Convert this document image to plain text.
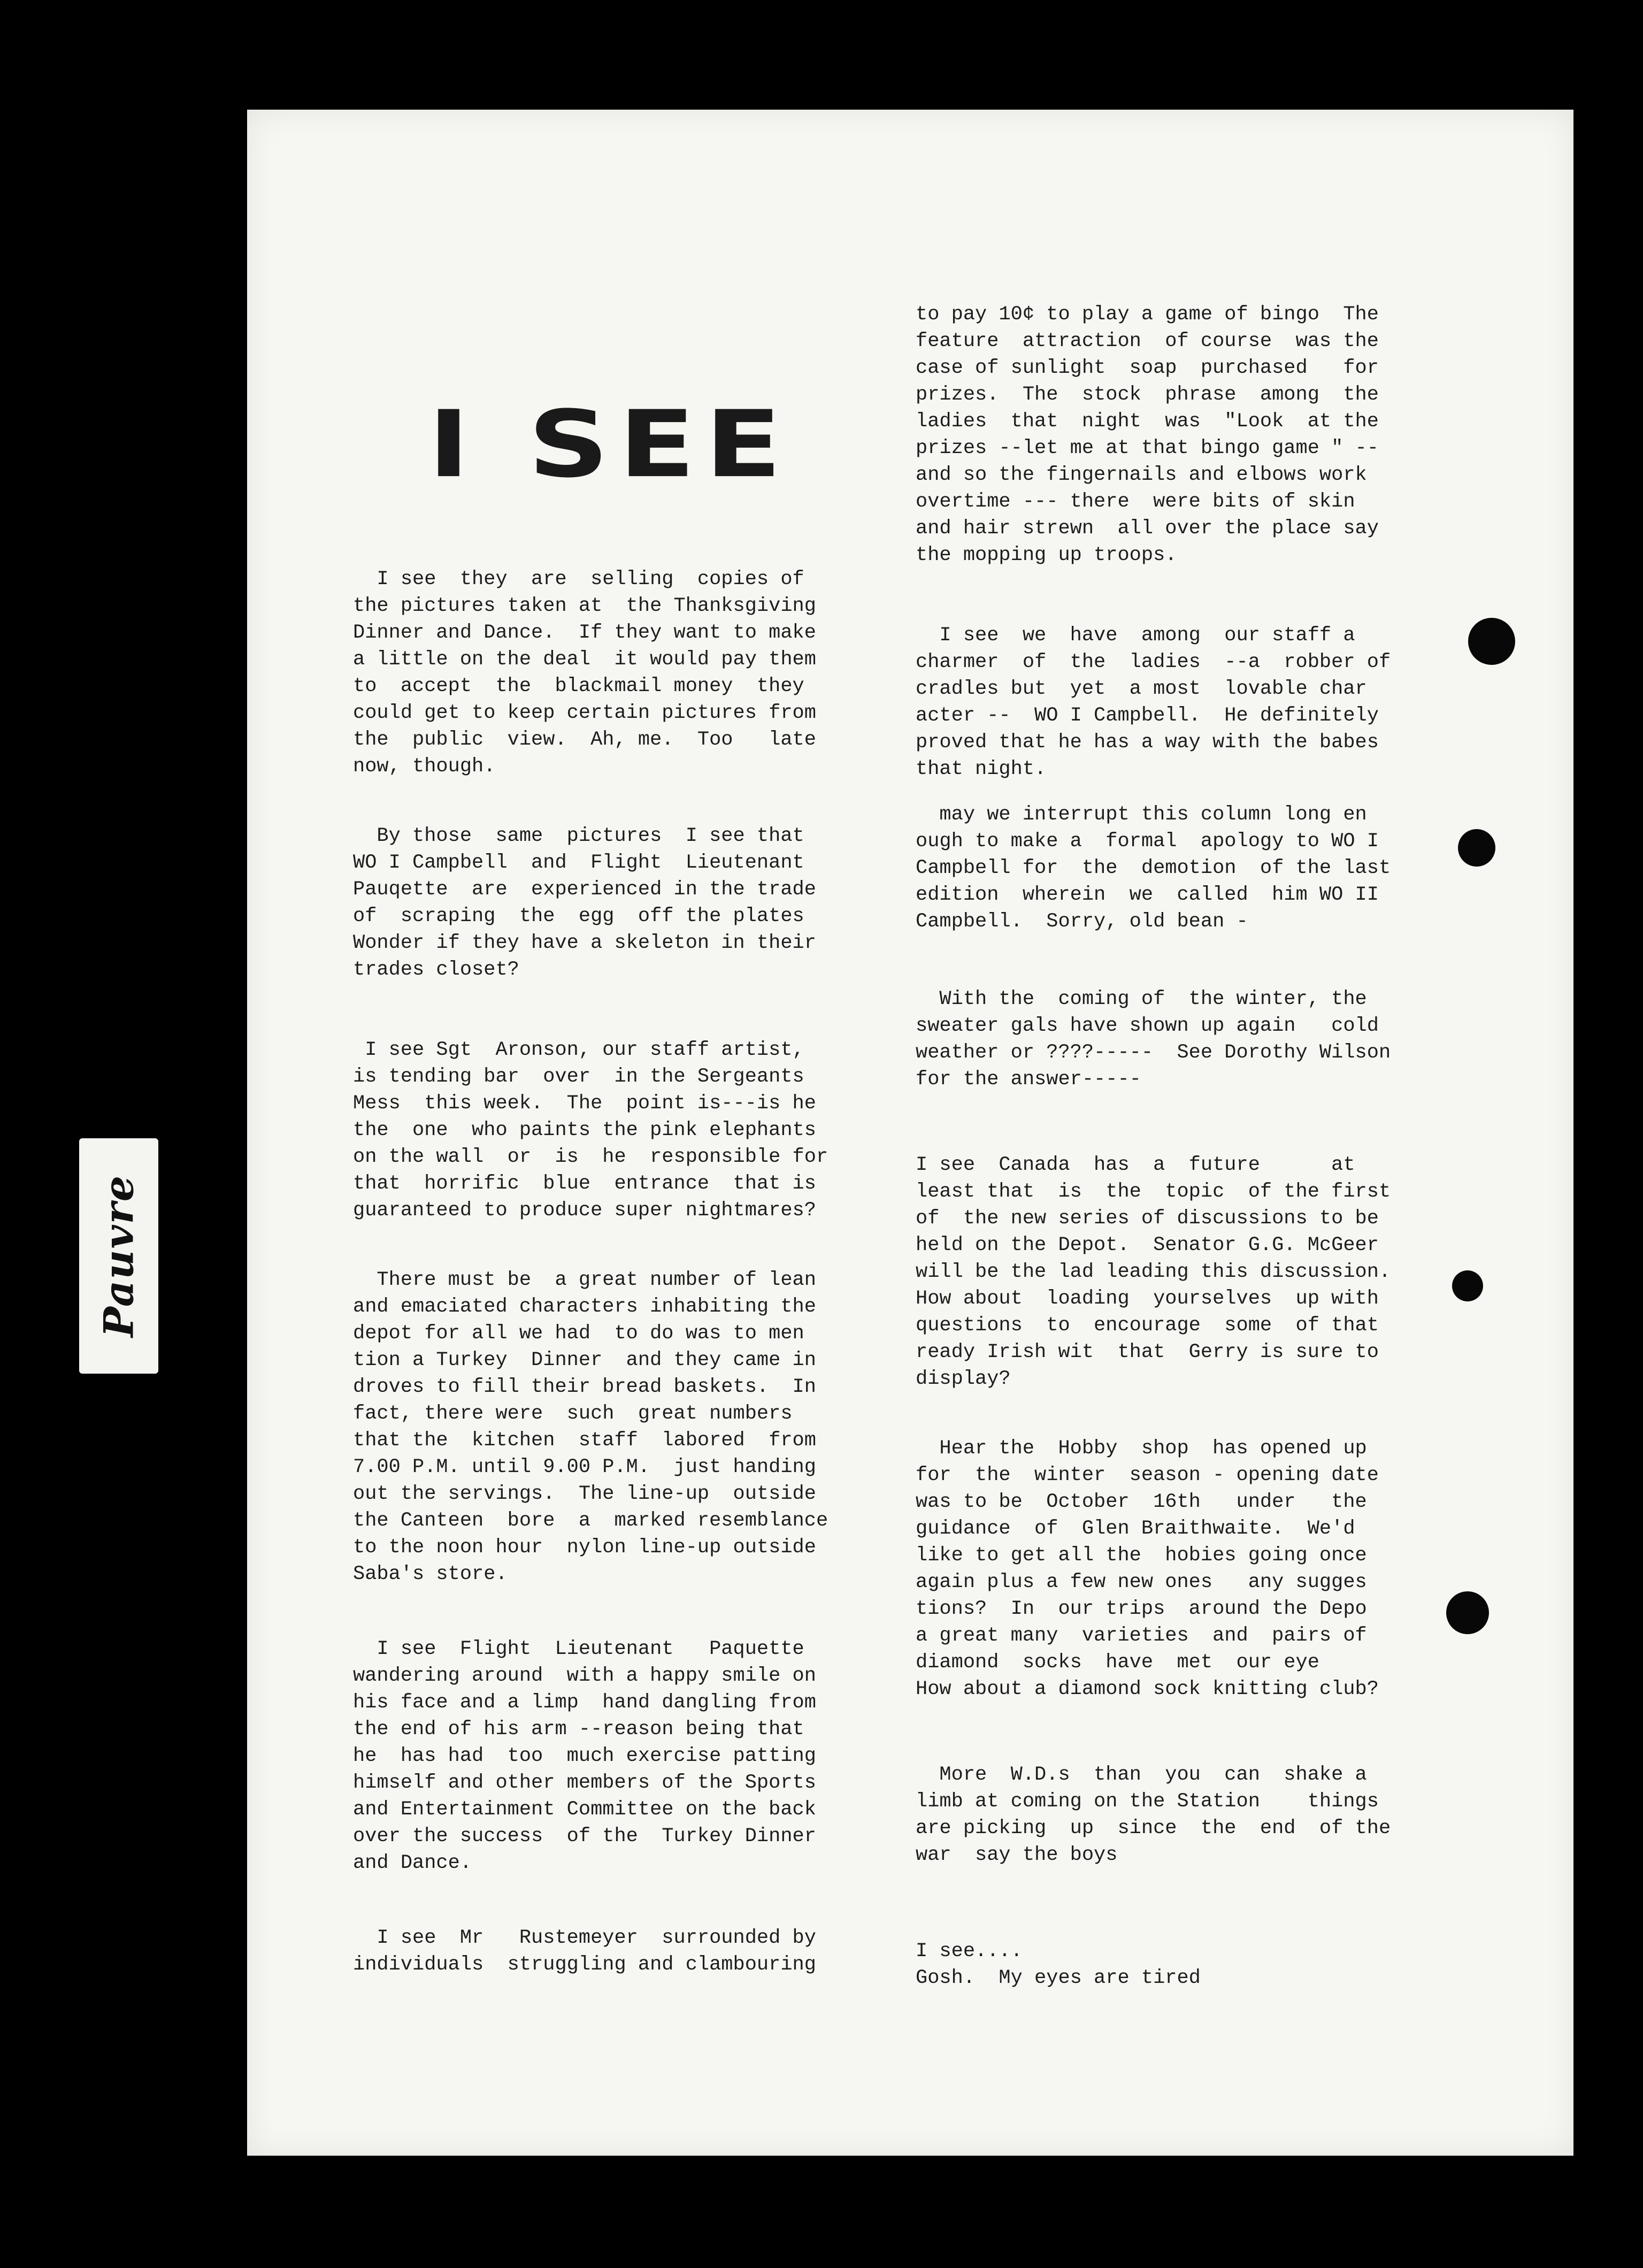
Pauvre
I SEE

I see  they  are  selling  copies of

the pictures taken at  the Thanksgiving

Dinner and Dance.  If they want to make

a little on the deal  it would pay them

to  accept  the  blackmail money  they

could get to keep certain pictures from

the  public  view.  Ah, me.  Too   late

now, though.

By those  same  pictures  I see that

WO I Campbell  and  Flight  Lieutenant

Pauqette  are  experienced in the trade

of  scraping  the  egg  off the plates

Wonder if they have a skeleton in their

trades closet?

I see Sgt  Aronson, our staff artist,

is tending bar  over  in the Sergeants

Mess  this week.  The  point is---is he

the  one  who paints the pink elephants

on the wall  or  is  he  responsible for

that  horrific  blue  entrance  that is

guaranteed to produce super nightmares?

There must be  a great number of lean

and emaciated characters inhabiting the

depot for all we had  to do was to men

tion a Turkey  Dinner  and they came in

droves to fill their bread baskets.  In

fact, there were  such  great numbers

that the  kitchen  staff  labored  from

7.00 P.M. until 9.00 P.M.  just handing

out the servings.  The line-up  outside

the Canteen  bore  a  marked resemblance

to the noon hour  nylon line-up outside

Saba's store.

I see  Flight  Lieutenant   Paquette

wandering around  with a happy smile on

his face and a limp  hand dangling from

the end of his arm --reason being that

he  has had  too  much exercise patting

himself and other members of the Sports

and Entertainment Committee on the back

over the success  of the  Turkey Dinner

and Dance.

I see  Mr   Rustemeyer  surrounded by

individuals  struggling and clambouring

to pay 10¢ to play a game of bingo  The

feature  attraction  of course  was the

case of sunlight  soap  purchased   for

prizes.  The  stock  phrase  among  the

ladies  that  night  was  "Look  at the

prizes --let me at that bingo game " --

and so the fingernails and elbows work

overtime --- there  were bits of skin

and hair strewn  all over the place say

the mopping up troops.

I see  we  have  among  our staff a

charmer  of  the  ladies  --a  robber of

cradles but  yet  a most  lovable char

acter --  WO I Campbell.  He definitely

proved that he has a way with the babes

that night.

may we interrupt this column long en

ough to make a  formal  apology to WO I

Campbell for  the  demotion  of the last

edition  wherein  we  called  him WO II

Campbell.  Sorry, old bean -

With the  coming of  the winter, the

sweater gals have shown up again   cold

weather or ????-----  See Dorothy Wilson

for the answer-----

I see  Canada  has  a  future      at

least that  is  the  topic  of the first

of  the new series of discussions to be

held on the Depot.  Senator G.G. McGeer

will be the lad leading this discussion.

How about  loading  yourselves  up with

questions  to  encourage  some  of that

ready Irish wit  that  Gerry is sure to

display?

Hear the  Hobby  shop  has opened up

for  the  winter  season - opening date

was to be  October  16th   under   the

guidance  of  Glen Braithwaite.  We'd

like to get all the  hobies going once

again plus a few new ones   any sugges

tions?  In  our trips  around the Depo

a great many  varieties  and  pairs of

diamond  socks  have  met  our eye

How about a diamond sock knitting club?

More  W.D.s  than  you  can  shake a

limb at coming on the Station    things

are picking  up  since  the  end  of the

war  say the boys

I see....

Gosh.  My eyes are tired
